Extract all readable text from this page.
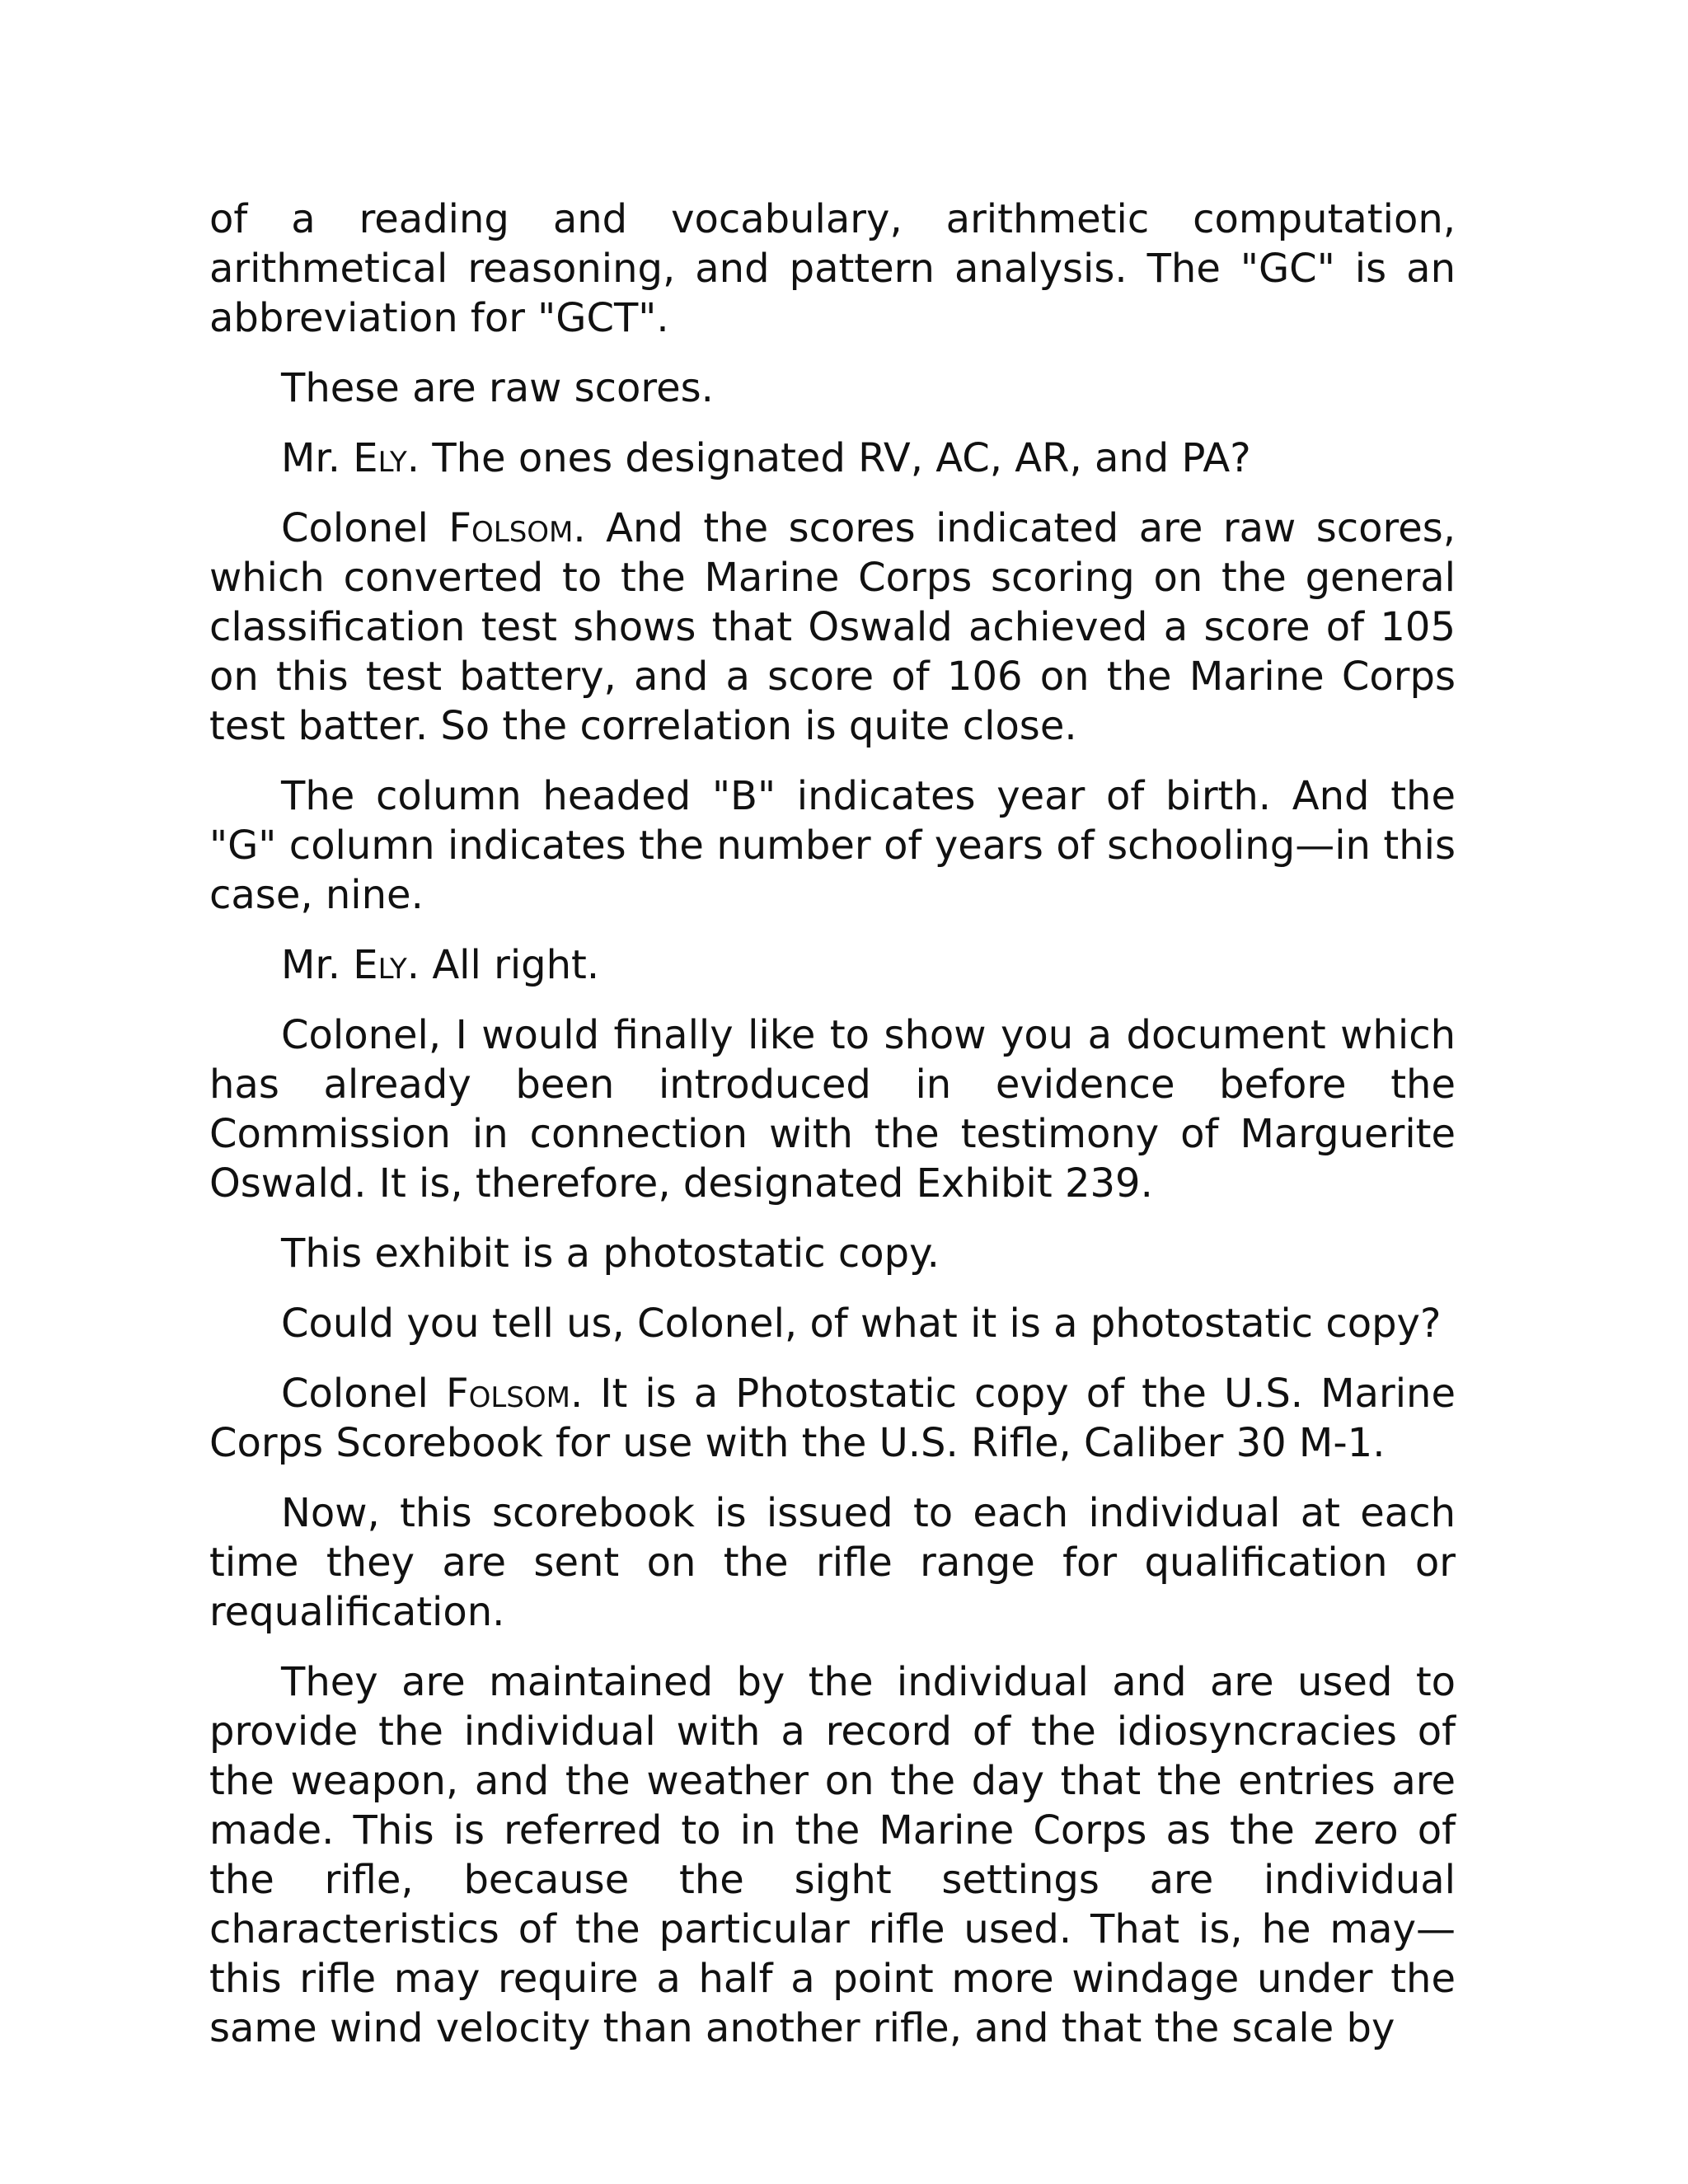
of a reading and vocabulary, arithmetic computation, arithmetical reasoning, and pattern analysis. The "GC" is an abbreviation for "GCT".

These are raw scores.

Mr. Ely. The ones designated RV, AC, AR, and PA?

Colonel Folsom. And the scores indicated are raw scores, which converted to the Marine Corps scoring on the general classification test shows that Oswald achieved a score of 105 on this test battery, and a score of 106 on the Marine Corps test batter. So the correlation is quite close.

The column headed "B" indicates year of birth. And the "G" column indicates the number of years of schooling—in this case, nine.

Mr. Ely. All right.

Colonel, I would finally like to show you a document which has already been introduced in evidence before the Commission in connection with the testimony of Marguerite Oswald. It is, therefore, designated Exhibit 239.

This exhibit is a photostatic copy.

Could you tell us, Colonel, of what it is a photostatic copy?

Colonel Folsom. It is a Photostatic copy of the U.S. Marine Corps Scorebook for use with the U.S. Rifle, Caliber 30 M-1.

Now, this scorebook is issued to each individual at each time they are sent on the rifle range for qualification or requalification.

They are maintained by the individual and are used to provide the individual with a record of the idiosyncracies of the weapon, and the weather on the day that the entries are made. This is referred to in the Marine Corps as the zero of the rifle, because the sight settings are individual characteristics of the particular rifle used. That is, he may—this rifle may require a half a point more windage under the same wind velocity than another rifle, and that the scale by
